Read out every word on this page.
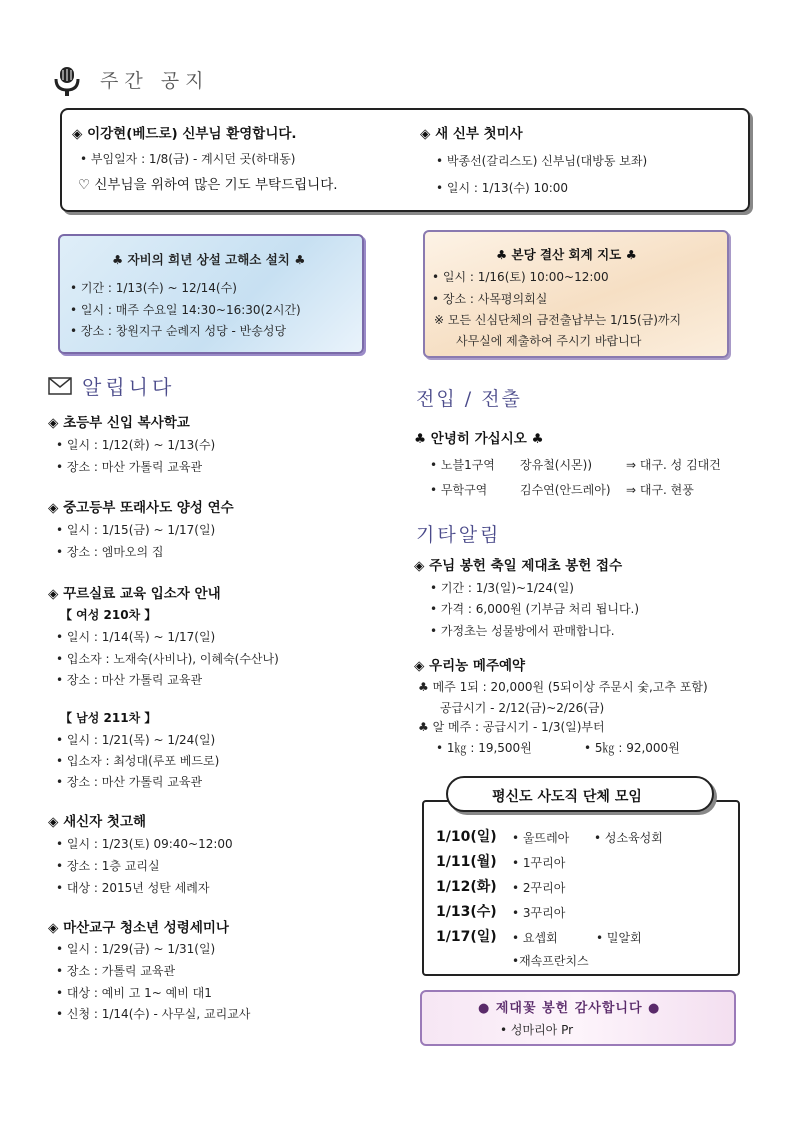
주간 공지
◈ 이강현(베드로) 신부님 환영합니다.
• 부임일자 : 1/8(금) - 계시던 곳(하대동)
♡ 신부님을 위하여 많은 기도 부탁드립니다.
◈ 새 신부 첫미사
• 박종선(갈리스도) 신부님(대방동 보좌)
• 일시 : 1/13(수) 10:00
♣ 자비의 희년 상설 고해소 설치 ♣
• 기간 : 1/13(수) ~ 12/14(수)
• 일시 : 매주 수요일 14:30~16:30(2시간)
• 장소 : 창원지구 순례지 성당 - 반송성당
♣ 본당 결산 회계 지도 ♣
• 일시 : 1/16(토) 10:00~12:00
• 장소 : 사목평의회실
※ 모든 신심단체의 금전출납부는 1/15(금)까지
사무실에 제출하여 주시기 바랍니다
알립니다
◈ 초등부 신입 복사학교
• 일시 : 1/12(화) ~ 1/13(수)
• 장소 : 마산 가톨릭 교육관
◈ 중고등부 또래사도 양성 연수
• 일시 : 1/15(금) ~ 1/17(일)
• 장소 : 엠마오의 집
◈ 꾸르실료 교육 입소자 안내
【 여성 210차 】
• 일시 : 1/14(목) ~ 1/17(일)
• 입소자 : 노재숙(사비나), 이혜숙(수산나)
• 장소 : 마산 가톨릭 교육관
【 남성 211차 】
• 일시 : 1/21(목) ~ 1/24(일)
• 입소자 : 최성대(루포 베드로)
• 장소 : 마산 가톨릭 교육관
◈ 새신자 첫고해
• 일시 : 1/23(토) 09:40~12:00
• 장소 : 1층 교리실
• 대상 : 2015년 성탄 세례자
◈ 마산교구 청소년 성령세미나
• 일시 : 1/29(금) ~ 1/31(일)
• 장소 : 가톨릭 교육관
• 대상 : 예비 고 1~ 예비 대1
• 신청 : 1/14(수) - 사무실, 교리교사
전입 / 전출
♣ 안녕히 가십시오 ♣
• 노블1구역 장유철(시몬))	⇒ 대구. 성 김대건
• 무학구역	김수연(안드레아) ⇒ 대구. 현풍
기타알림
◈ 주님 봉헌 축일 제대초 봉헌 접수
• 기간 : 1/3(일)~1/24(일)
• 가격 : 6,000원 (기부금 처리 됩니다.)
• 가정초는 성물방에서 판매합니다.
◈ 우리농 메주예약
♣ 메주 1되 : 20,000원 (5되이상 주문시 숯,고추 포함)
공급시기 - 2/12(금)~2/26(금)
♣ 알 메주 : 공급시기 - 1/3(일)부터
• 1㎏ : 19,500원	• 5㎏ : 92,000원
평신도 사도직 단체 모임
1/10(일) • 울뜨레아 • 성소육성회
1/11(월) • 1꾸리아
1/12(화) • 2꾸리아
1/13(수) • 3꾸리아
1/17(일) • 요셉회	• 밀알회
•재속프란치스
● 제대꽃 봉헌 감사합니다 ●
• 성마리아 Pr
